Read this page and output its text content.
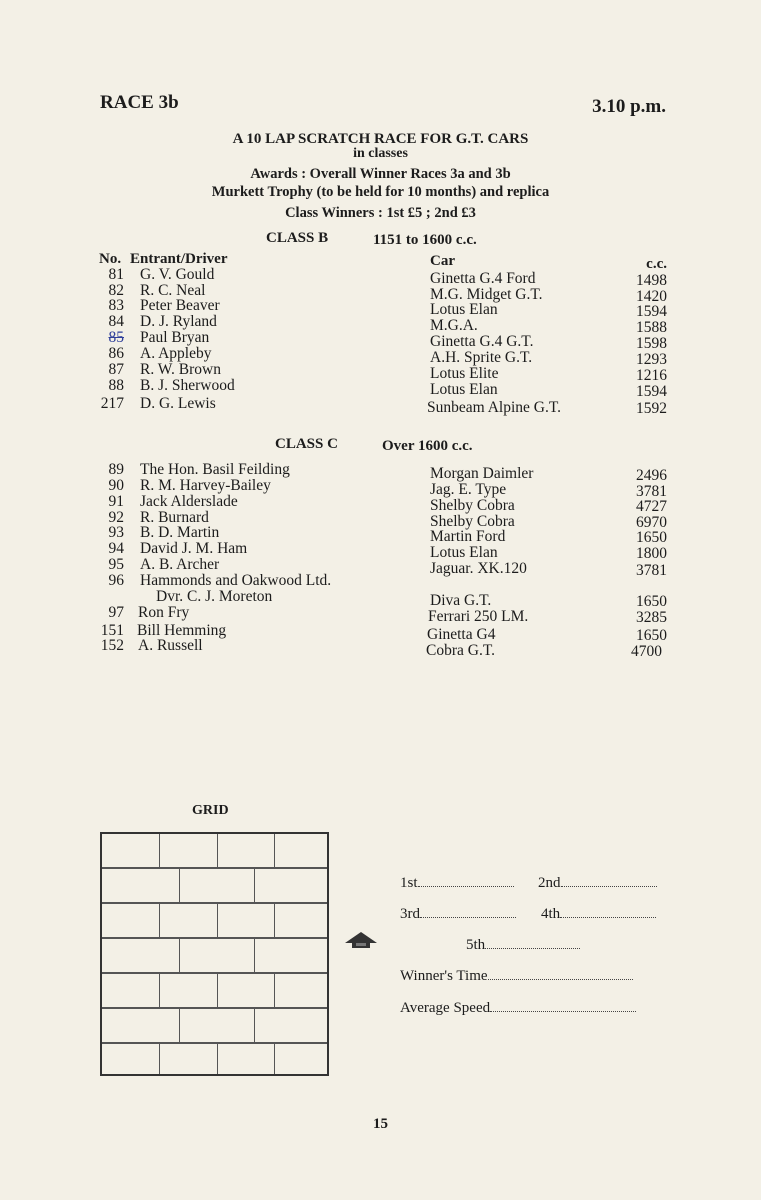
RACE 3b	3.10 p.m.
A 10 LAP SCRATCH RACE FOR G.T. CARS
in classes
Awards : Overall Winner Races 3a and 3b
Murkett Trophy (to be held for 10 months) and replica
Class Winners : 1st £5 ; 2nd £3
CLASS B	1151 to 1600 c.c.
No. Entrant/Driver	Car	c.c.
81 G. V. Gould	Ginetta G.4 Ford	1498
82 R. C. Neal	M.G. Midget G.T.	1420
83 Peter Beaver	Lotus Elan	1594
84 D. J. Ryland	M.G.A.	1588
85 Paul Bryan	Ginetta G.4 G.T.	1598
86 A. Appleby	A.H. Sprite G.T.	1293
87 R. W. Brown	Lotus Elite	1216
88 B. J. Sherwood	Lotus Elan	1594
217 D. G. Lewis	Sunbeam Alpine G.T.	1592
CLASS C	Over 1600 c.c.
89 The Hon. Basil Feilding	Morgan Daimler	2496
90 R. M. Harvey-Bailey	Jag. E. Type	3781
91 Jack Alderslade	Shelby Cobra	4727
92 R. Burnard	Shelby Cobra	6970
93 B. D. Martin	Martin Ford	1650
94 David J. M. Ham	Lotus Elan	1800
95 A. B. Archer	Jaguar. XK.120	3781
96 Hammonds and Oakwood Ltd.
Dvr. C. J. Moreton	Diva G.T.	1650
97 Ron Fry	Ferrari 250 LM.	3285
151 Bill Hemming	Ginetta G4	1650
152 A. Russell	Cobra G.T.	4700
GRID
1st	2nd
3rd	4th
5th
Winner's Time
Average Speed
15
